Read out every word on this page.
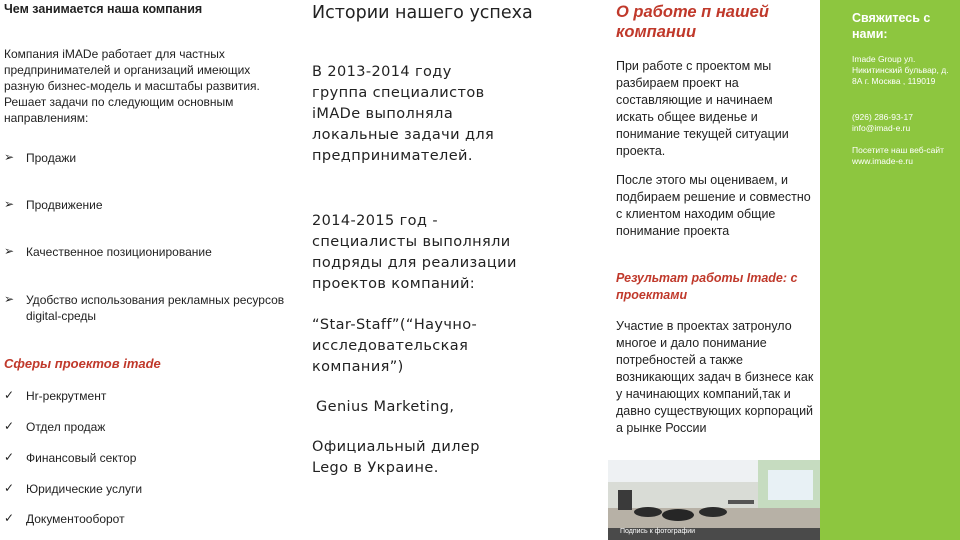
Чем занимается наша компания
Компания iMADe работает для частных предпринимателей и организаций имеющих разную бизнес-модель и масштабы развития. Решает задачи по следующим основным направлениям:
➢ Продажи
➢ Продвижение
➢ Качественное позиционирование
➢ Удобство использования рекламных ресурсов digital-среды
Сферы проектов imade
✓ Hr-рекрутмент
✓ Отдел продаж
✓ Финансовый сектор
✓ Юридические услуги
✓ Документооборот
Истории нашего успеха
В 2013-2014 году группа специалистов iMADe выполняла локальные задачи для предпринимателей.
2014-2015 год - специалисты выполняли подряды для реализации проектов компаний:
“Star-Staff”(“Научно-исследовательская компания”)
Genius Marketing,
Официальный дилер Lego в Украине.
О работе п нашей компании
При работе с проектом мы разбираем проект на составляющие и начинаем искать общее виденье и понимание текущей ситуации проекта.
После этого мы оцениваем, и подбираем решение и совместно с клиентом находим общие понимание проекта
Результат работы Imade: с проектами
Участие в проектах затронуло многое и дало понимание потребностей а также возникающих задач в бизнесе как у начинающих компаний,так и давно существующих корпораций а рынке России
Подпись к фотографии
Свяжитесь с нами:
Imade Group ул. Никитинский бульвар, д. 8А г. Москва , 119019
(926) 286-93-17 info@imad-e.ru
Посетите наш веб-сайт www.imade-e.ru
